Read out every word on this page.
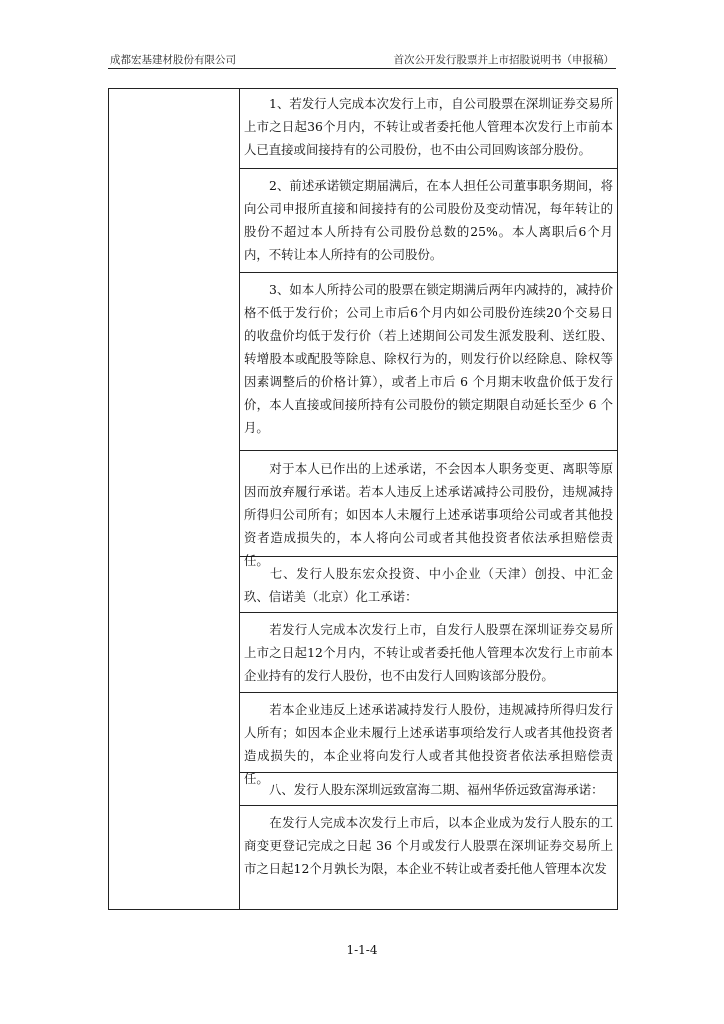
成都宏基建材股份有限公司	首次公开发行股票并上市招股说明书（申报稿）
1、若发行人完成本次发行上市，自公司股票在深圳证券交易所上市之日起36个月内，不转让或者委托他人管理本次发行上市前本人已直接或间接持有的公司股份，也不由公司回购该部分股份。
2、前述承诺锁定期届满后，在本人担任公司董事职务期间，将向公司申报所直接和间接持有的公司股份及变动情况，每年转让的股份不超过本人所持有公司股份总数的25%。本人离职后6个月内，不转让本人所持有的公司股份。
3、如本人所持公司的股票在锁定期满后两年内减持的，减持价格不低于发行价；公司上市后6个月内如公司股份连续20个交易日的收盘价均低于发行价（若上述期间公司发生派发股利、送红股、转增股本或配股等除息、除权行为的，则发行价以经除息、除权等因素调整后的价格计算），或者上市后 6 个月期末收盘价低于发行价，本人直接或间接所持有公司股份的锁定期限自动延长至少 6 个月。
对于本人已作出的上述承诺，不会因本人职务变更、离职等原因而放弃履行承诺。若本人违反上述承诺减持公司股份，违规减持所得归公司所有；如因本人未履行上述承诺事项给公司或者其他投资者造成损失的，本人将向公司或者其他投资者依法承担赔偿责任。
七、发行人股东宏众投资、中小企业（天津）创投、中汇金玖、信诺美（北京）化工承诺：
若发行人完成本次发行上市，自发行人股票在深圳证券交易所上市之日起12个月内，不转让或者委托他人管理本次发行上市前本企业持有的发行人股份，也不由发行人回购该部分股份。
若本企业违反上述承诺减持发行人股份，违规减持所得归发行人所有；如因本企业未履行上述承诺事项给发行人或者其他投资者造成损失的，本企业将向发行人或者其他投资者依法承担赔偿责任。
八、发行人股东深圳远致富海二期、福州华侨远致富海承诺：
在发行人完成本次发行上市后，以本企业成为发行人股东的工商变更登记完成之日起 36 个月或发行人股票在深圳证券交易所上市之日起12个月孰长为限，本企业不转让或者委托他人管理本次发
1-1-4
